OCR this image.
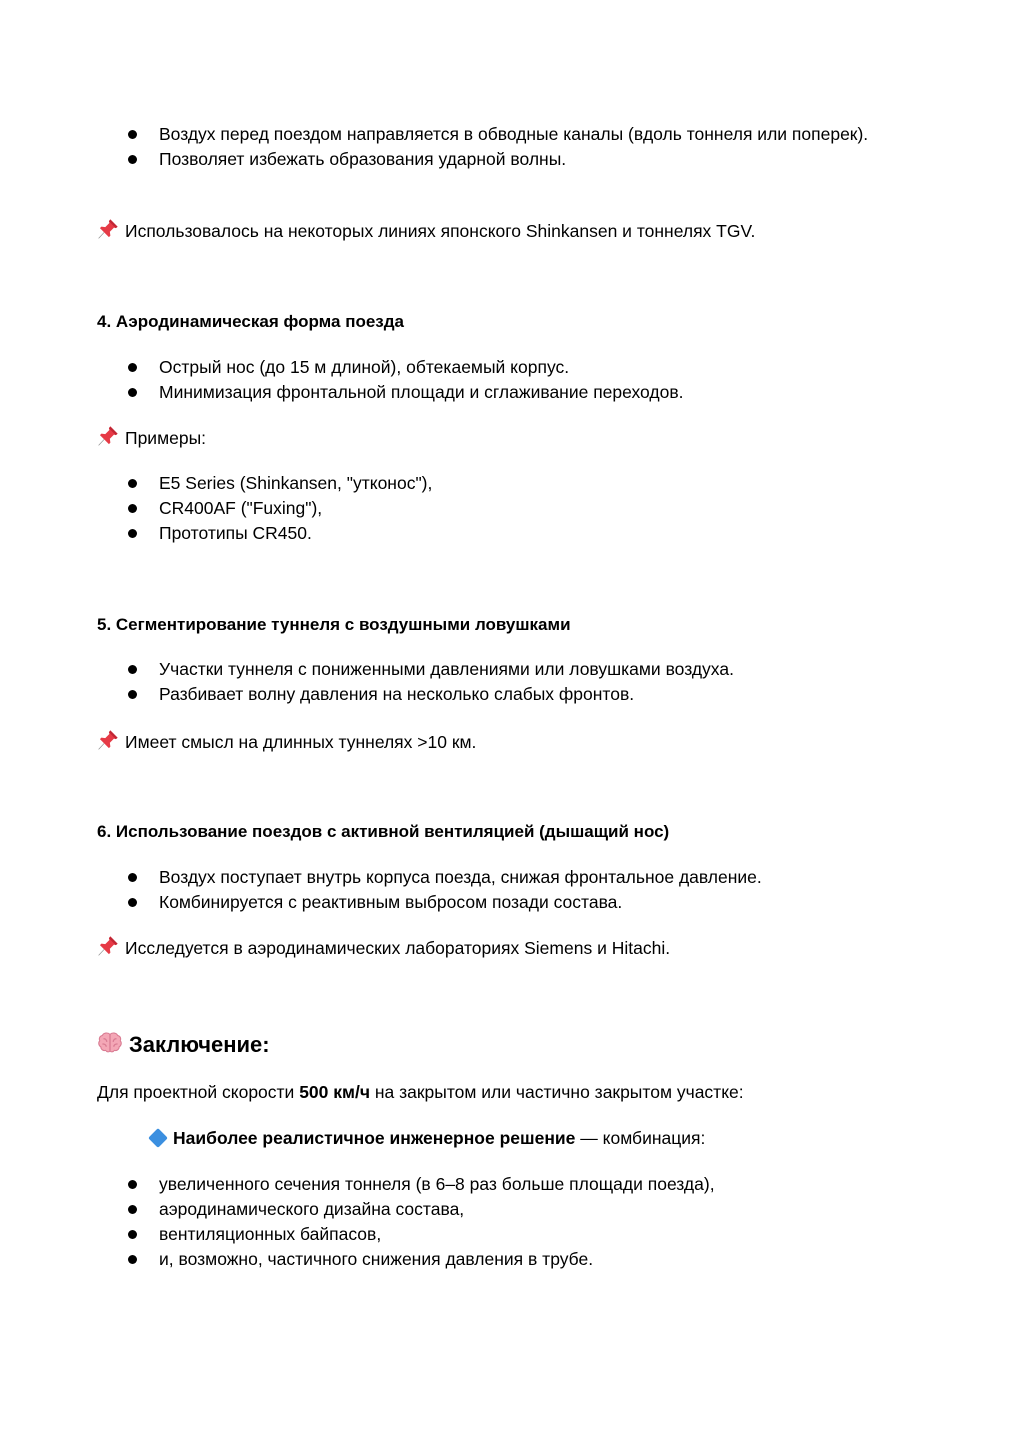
Воздух перед поездом направляется в обводные каналы (вдоль тоннеля или поперек).
Позволяет избежать образования ударной волны.

Использовалось на некоторых линиях японского Shinkansen и тоннелях TGV.

4. Аэродинамическая форма поезда
Острый нос (до 15 м длиной), обтекаемый корпус.
Минимизация фронтальной площади и сглаживание переходов.

Примеры:

E5 Series (Shinkansen, "утконос"),
CR400AF ("Fuxing"),
Прототипы CR450.
5. Сегментирование туннеля с воздушными ловушками
Участки туннеля с пониженными давлениями или ловушками воздуха.
Разбивает волну давления на несколько слабых фронтов.

Имеет смысл на длинных туннелях >10 км.

6. Использование поездов с активной вентиляцией (дышащий нос)
Воздух поступает внутрь корпуса поезда, снижая фронтальное давление.
Комбинируется с реактивным выбросом позади состава.

Исследуется в аэродинамических лабораториях Siemens и Hitachi.

Заключение:

Для проектной скорости 500 км/ч на закрытом или частично закрытом участке:

Наиболее реалистичное инженерное решение — комбинация:

увеличенного сечения тоннеля (в 6–8 раз больше площади поезда),
аэродинамического дизайна состава,
вентиляционных байпасов,
и, возможно, частичного снижения давления в трубе.
